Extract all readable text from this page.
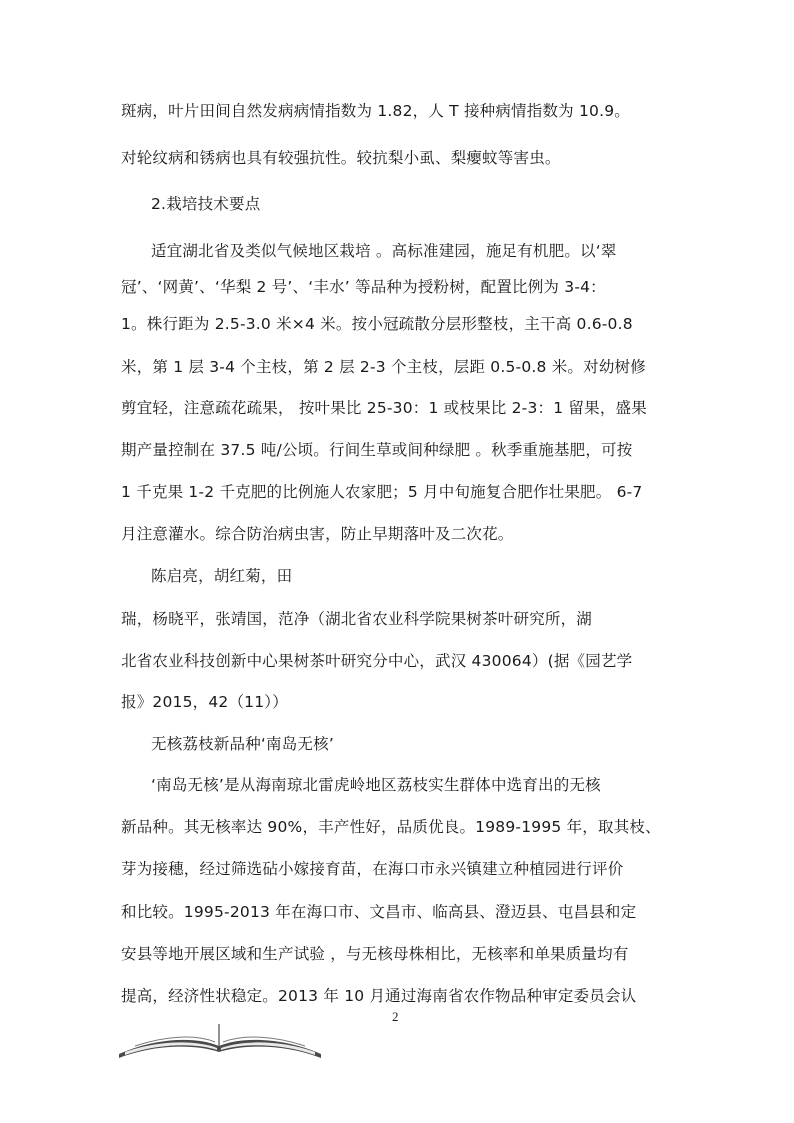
斑病，叶片田间自然发病病情指数为 1.82，人 T 接种病情指数为 10.9。
对轮纹病和锈病也具有较强抗性。较抗梨小虱、梨瘿蚊等害虫。
2.栽培技术要点
适宜湖北省及类似气候地区栽培 。高标准建园，施足有机肥。以‘翠
冠’、‘网黄’、‘华梨 2 号’、‘丰水’ 等品种为授粉树，配置比例为 3-4：
1。株行距为 2.5-3.0 米×4 米。按小冠疏散分层形整枝，主干高 0.6-0.8
米，第 1 层 3-4 个主枝，第 2 层 2-3 个主枝，层距 0.5-0.8 米。对幼树修
剪宜轻，注意疏花疏果， 按叶果比 25-30：1 或枝果比 2-3：1 留果，盛果
期产量控制在 37.5 吨/公顷。行间生草或间种绿肥 。秋季重施基肥，可按
1 千克果 1-2 千克肥的比例施人农家肥；5 月中旬施复合肥作壮果肥。 6-7
月注意灌水。综合防治病虫害，防止早期落叶及二次花。
陈启亮，胡红菊，田
瑞，杨晓平，张靖国，范净（湖北省农业科学院果树茶叶研究所，湖
北省农业科技创新中心果树茶叶研究分中心，武汉 430064）(据《园艺学
报》2015，42（11））
无核荔枝新品种‘南岛无核’
‘南岛无核’是从海南琼北雷虎岭地区荔枝实生群体中选育出的无核
新品种。其无核率达 90%，丰产性好，品质优良。1989-1995 年，取其枝、
芽为接穗，经过筛选砧小嫁接育苗，在海口市永兴镇建立种植园进行评价
和比较。1995-2013 年在海口市、文昌市、临高县、澄迈县、屯昌县和定
安县等地开展区域和生产试验 ，与无核母株相比，无核率和单果质量均有
提高，经济性状稳定。2013 年 10 月通过海南省农作物品种审定委员会认
2
